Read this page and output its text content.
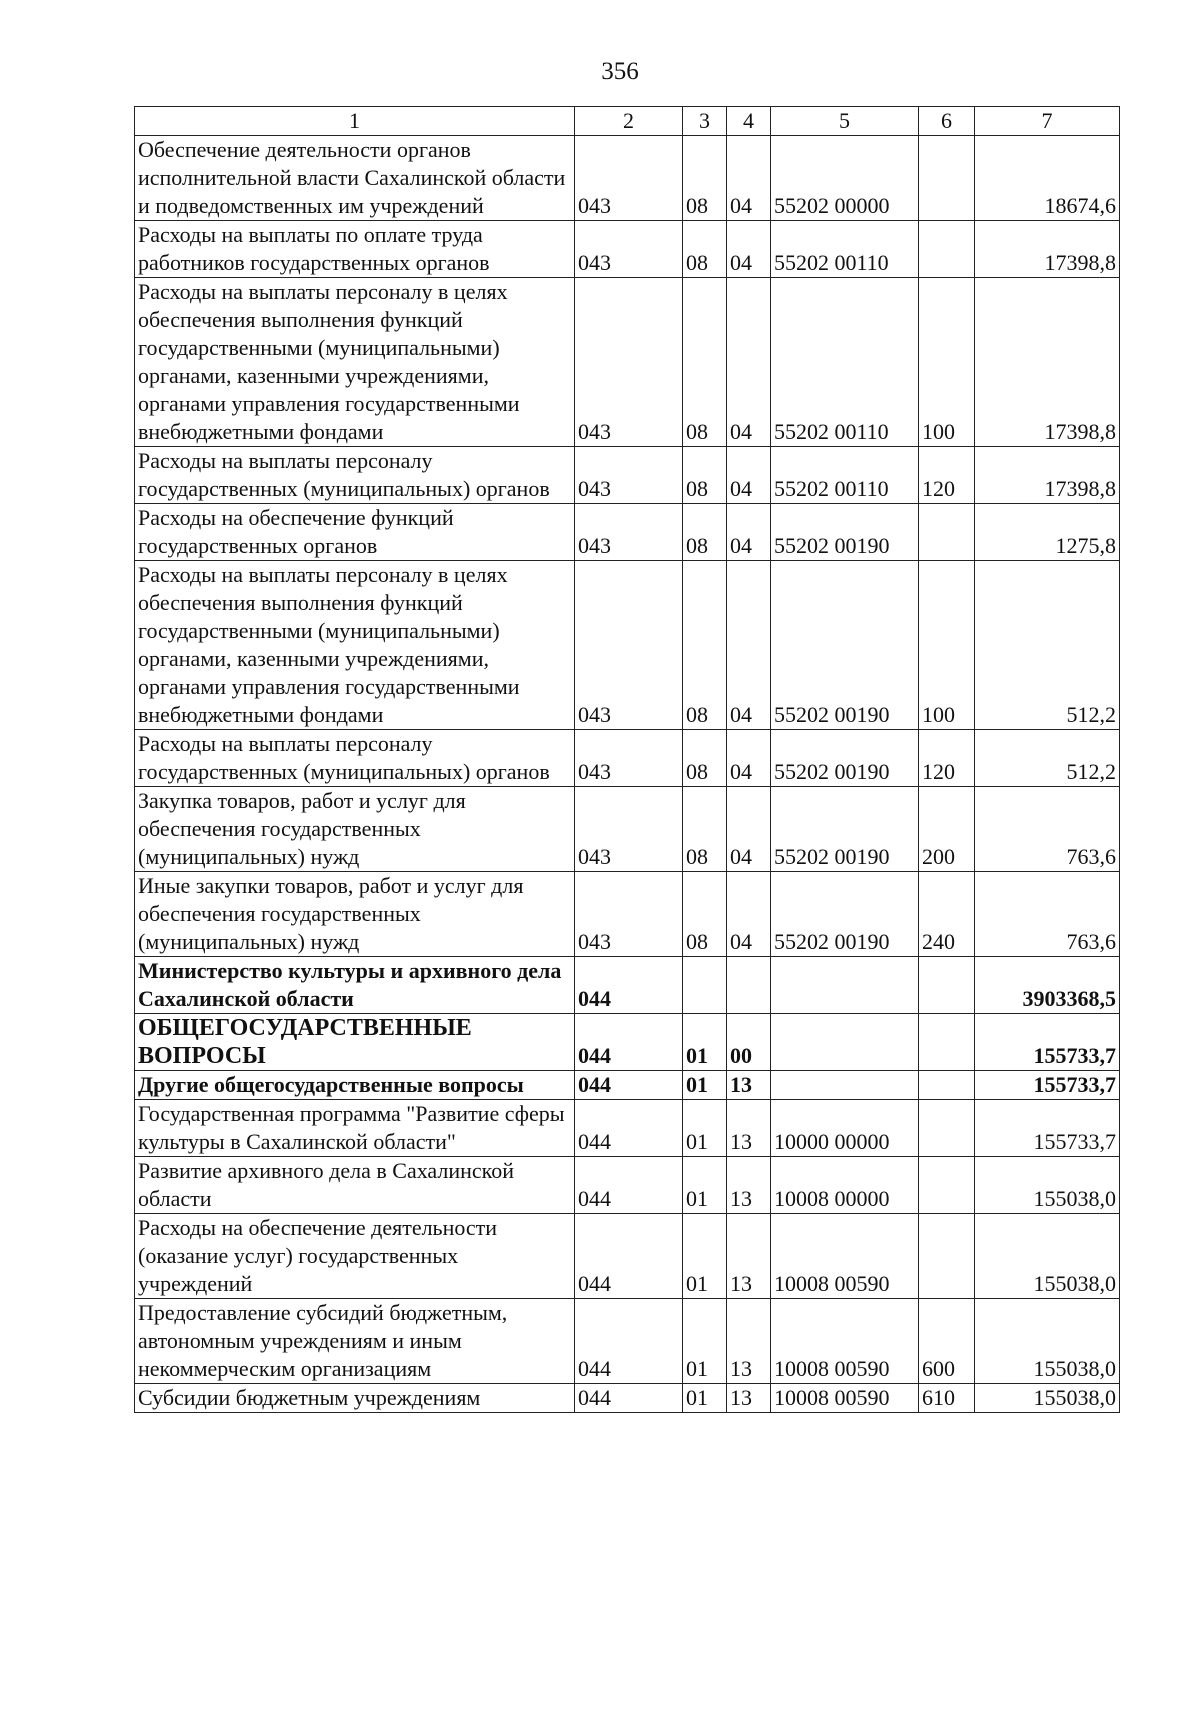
356
1	2	3	4	5	6	7
Обеспечение деятельности органов исполнительной власти Сахалинской области и подведомственных им учреждений	043	08	04	55202 00000		18674,6
Расходы на выплаты по оплате труда работников государственных органов	043	08	04	55202 00110		17398,8
Расходы на выплаты персоналу в целях обеспечения выполнения функций государственными (муниципальными) органами, казенными учреждениями, органами управления государственными внебюджетными фондами	043	08	04	55202 00110	100	17398,8
Расходы на выплаты персоналу государственных (муниципальных) органов	043	08	04	55202 00110	120	17398,8
Расходы на обеспечение функций государственных органов	043	08	04	55202 00190		1275,8
Расходы на выплаты персоналу в целях обеспечения выполнения функций государственными (муниципальными) органами, казенными учреждениями, органами управления государственными внебюджетными фондами	043	08	04	55202 00190	100	512,2
Расходы на выплаты персоналу государственных (муниципальных) органов	043	08	04	55202 00190	120	512,2
Закупка товаров, работ и услуг для обеспечения государственных (муниципальных) нужд	043	08	04	55202 00190	200	763,6
Иные закупки товаров, работ и услуг для обеспечения государственных (муниципальных) нужд	043	08	04	55202 00190	240	763,6
Министерство культуры и архивного дела Сахалинской области	044					3903368,5
ОБЩЕГОСУДАРСТВЕННЫЕ ВОПРОСЫ	044	01	00			155733,7
Другие общегосударственные вопросы	044	01	13			155733,7
Государственная программа "Развитие сферы культуры в Сахалинской области"	044	01	13	10000 00000		155733,7
Развитие архивного дела в Сахалинской области	044	01	13	10008 00000		155038,0
Расходы на обеспечение деятельности (оказание услуг) государственных учреждений	044	01	13	10008 00590		155038,0
Предоставление субсидий бюджетным, автономным учреждениям и иным некоммерческим организациям	044	01	13	10008 00590	600	155038,0
Субсидии бюджетным учреждениям	044	01	13	10008 00590	610	155038,0
